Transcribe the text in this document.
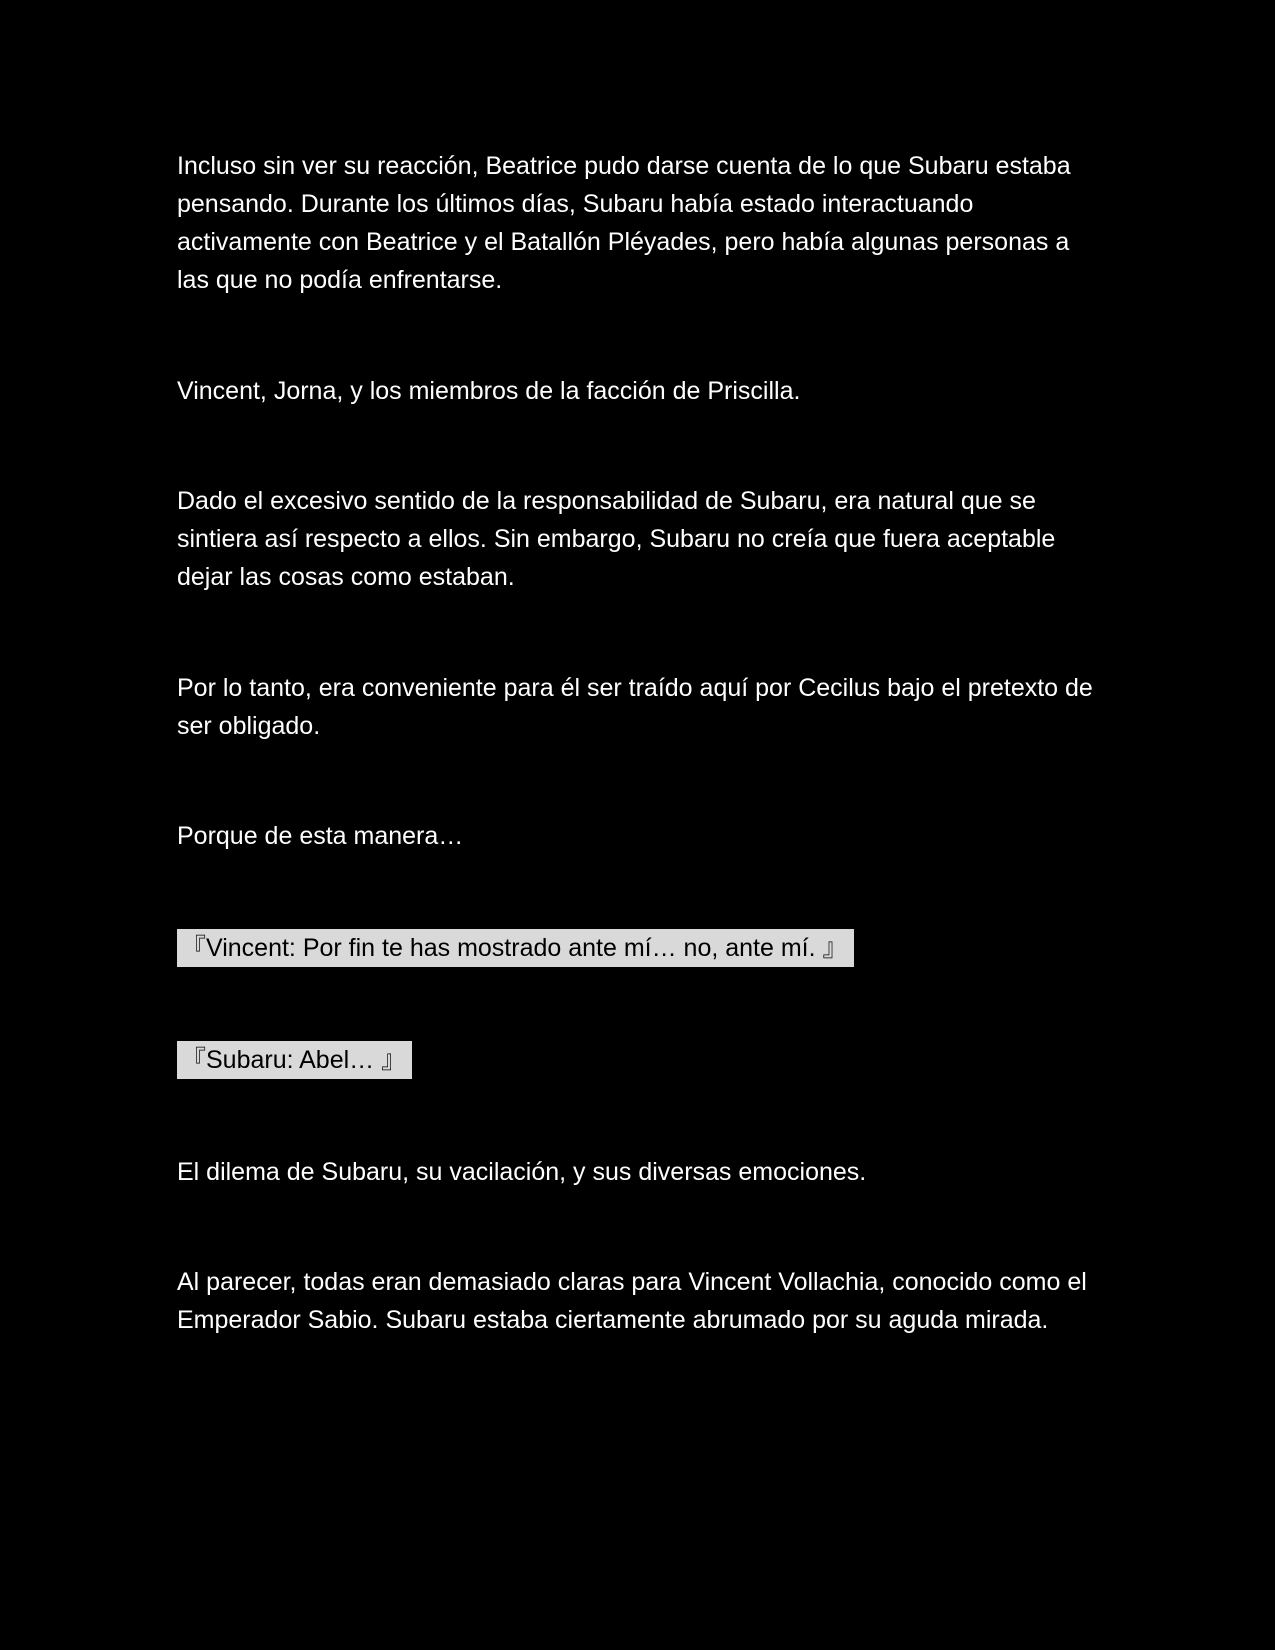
Incluso sin ver su reacción, Beatrice pudo darse cuenta de lo que Subaru estaba pensando. Durante los últimos días, Subaru había estado interactuando activamente con Beatrice y el Batallón Pléyades, pero había algunas personas a las que no podía enfrentarse.

Vincent, Jorna, y los miembros de la facción de Priscilla.

Dado el excesivo sentido de la responsabilidad de Subaru, era natural que se sintiera así respecto a ellos. Sin embargo, Subaru no creía que fuera aceptable dejar las cosas como estaban.

Por lo tanto, era conveniente para él ser traído aquí por Cecilus bajo el pretexto de ser obligado.

Porque de esta manera…

『Vincent: Por fin te has mostrado ante mí… no, ante mí. 』
『Subaru: Abel… 』

El dilema de Subaru, su vacilación, y sus diversas emociones.

Al parecer, todas eran demasiado claras para Vincent Vollachia, conocido como el Emperador Sabio. Subaru estaba ciertamente abrumado por su aguda mirada.
